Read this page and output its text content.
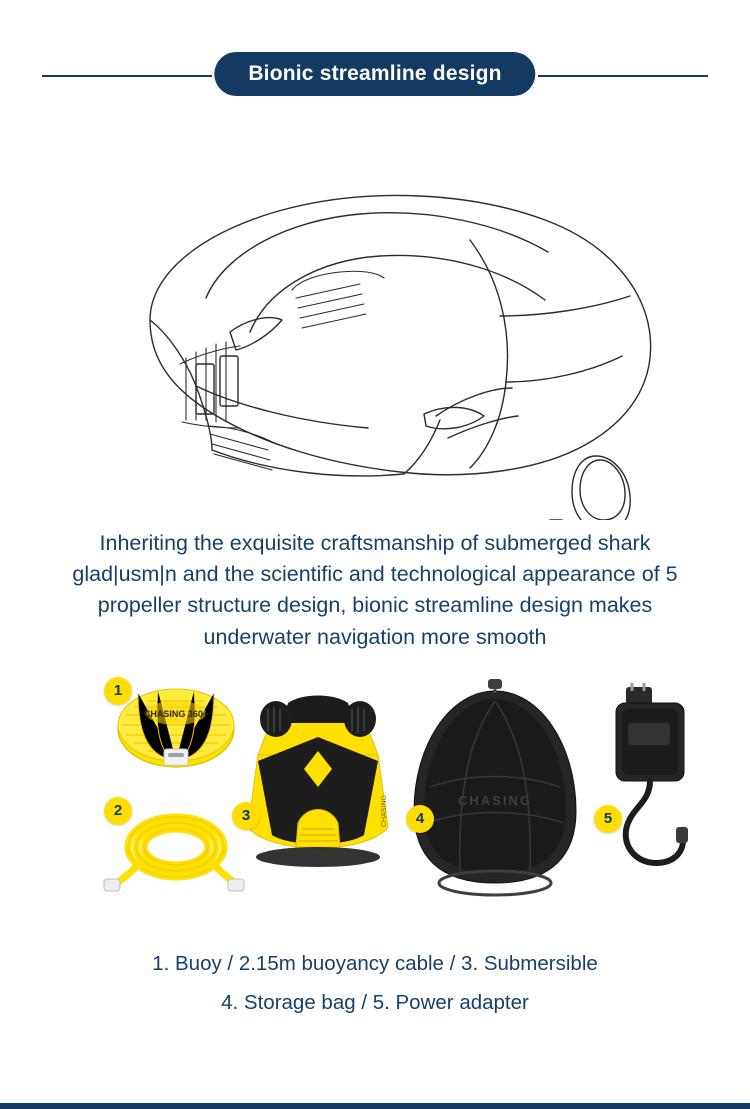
Bionic streamline design

Inheriting the exquisite craftsmanship of submerged shark glad|usm|n and the scientific and technological appearance of 5 propeller structure design, bionic streamline design makes underwater navigation more smooth

1
CHASING 360+
2	3	CHASING	4
CHASING
5
1. Buoy / 2.15m buoyancy cable / 3. Submersible
4. Storage bag / 5. Power adapter
